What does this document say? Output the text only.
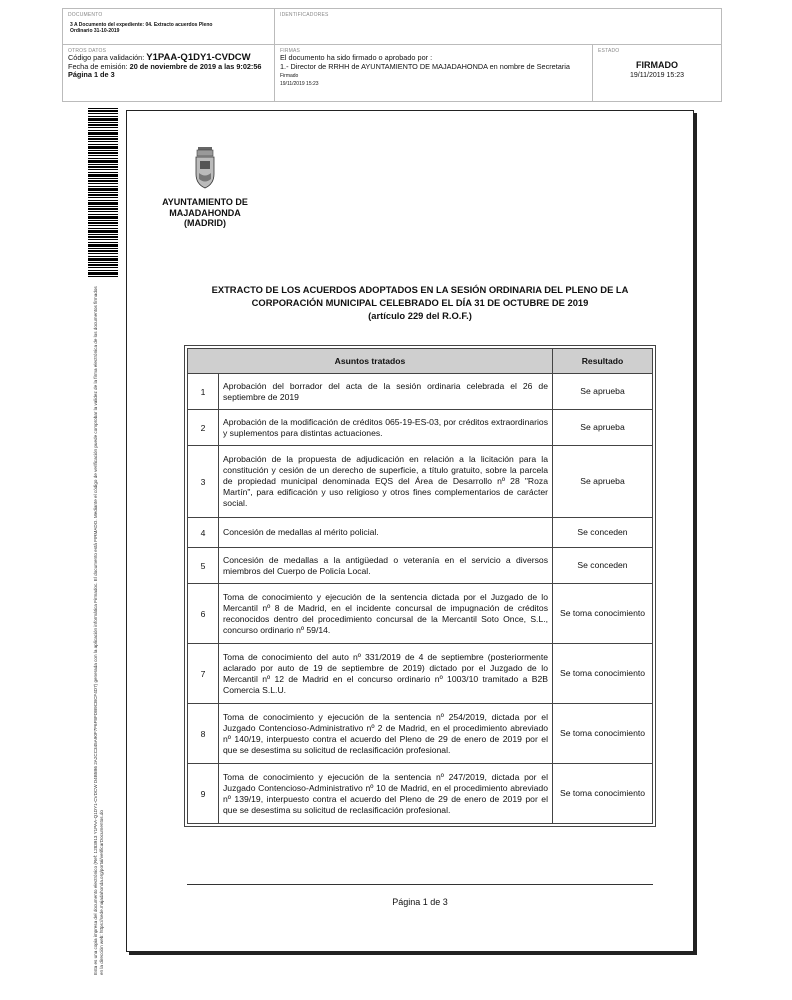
DOCUMENTO
3 A Documento del expediente: 04. Extracto acuerdos Pleno Ordinario 31-10-2019
IDENTIFICADORES
OTROS DATOS
Código para validación: Y1PAA-Q1DY1-CVDCW
Fecha de emisión: 20 de noviembre de 2019 a las 9:02:56
Página 1 de 3
FIRMAS
El documento ha sido firmado o aprobado por :
1.- Director de RRHH de AYUNTAMIENTO DE MAJADAHONDA en nombre de Secretaria Firmado
19/11/2019 15:23
ESTADO
FIRMADO
19/11/2019 15:23
Esta es una copia impresa del documento electrónico (Ref: 1283913 Y1PAA-Q1DY1-CVDCW D4B5B6 2A2CC345A90F7F6F8FDB9CBCF4D7) generada con la aplicación informática Firmadoc. El documento está FIRMADO. Mediante el código de verificación puede comprobar la validez de la firma electrónica de los documentos firmados en la dirección web: https://sede.majadahonda.org/portal/verificarDocumentos.do
AYUNTAMIENTO DE
MAJADAHONDA
(MADRID)
EXTRACTO DE LOS ACUERDOS ADOPTADOS EN LA SESIÓN ORDINARIA DEL PLENO DE LA
CORPORACIÓN MUNICIPAL CELEBRADO EL DÍA 31 DE OCTUBRE DE 2019
(artículo 229 del R.O.F.)
Asuntos tratados		Resultado
1	Aprobación del borrador del acta de la sesión ordinaria celebrada el 26 de septiembre de 2019	Se aprueba
2	Aprobación de la modificación de créditos 065-19-ES-03, por créditos extraordinarios y suplementos para distintas actuaciones.	Se aprueba
3	Aprobación de la propuesta de adjudicación en relación a la licitación para la constitución y cesión de un derecho de superficie, a título gratuito, sobre la parcela de propiedad municipal denominada EQS del Área de Desarrollo nº 28 "Roza Martín", para edificación y uso religioso y otros fines complementarios de carácter social.	Se aprueba
4	Concesión de medallas al mérito policial.	Se conceden
5	Concesión de medallas a la antigüedad o veteranía en el servicio a diversos miembros del Cuerpo de Policía Local.	Se conceden
6	Toma de conocimiento y ejecución de la sentencia dictada por el Juzgado de lo Mercantil nº 8 de Madrid, en el incidente concursal de impugnación de créditos reconocidos dentro del procedimiento concursal de la Mercantil Soto Once, S.L., concurso ordinario nº 59/14.	Se toma conocimiento
7	Toma de conocimiento del auto nº 331/2019 de 4 de septiembre (posteriormente aclarado por auto de 19 de septiembre de 2019) dictado por el Juzgado de lo Mercantil nº 12 de Madrid en el concurso ordinario nº 1003/10 tramitado a B2B Comercia S.L.U.	Se toma conocimiento
8	Toma de conocimiento y ejecución de la sentencia nº 254/2019, dictada por el Juzgado Contencioso-Administrativo nº 2 de Madrid, en el procedimiento abreviado nº 140/19, interpuesto contra el acuerdo del Pleno de 29 de enero de 2019 por el que se desestima su solicitud de reclasificación profesional.	Se toma conocimiento
9	Toma de conocimiento y ejecución de la sentencia nº 247/2019, dictada por el Juzgado Contencioso-Administrativo nº 10 de Madrid, en el procedimiento abreviado nº 139/19, interpuesto contra el acuerdo del Pleno de 29 de enero de 2019 por el que se desestima su solicitud de reclasificación profesional.	Se toma conocimiento
Página 1 de 3
